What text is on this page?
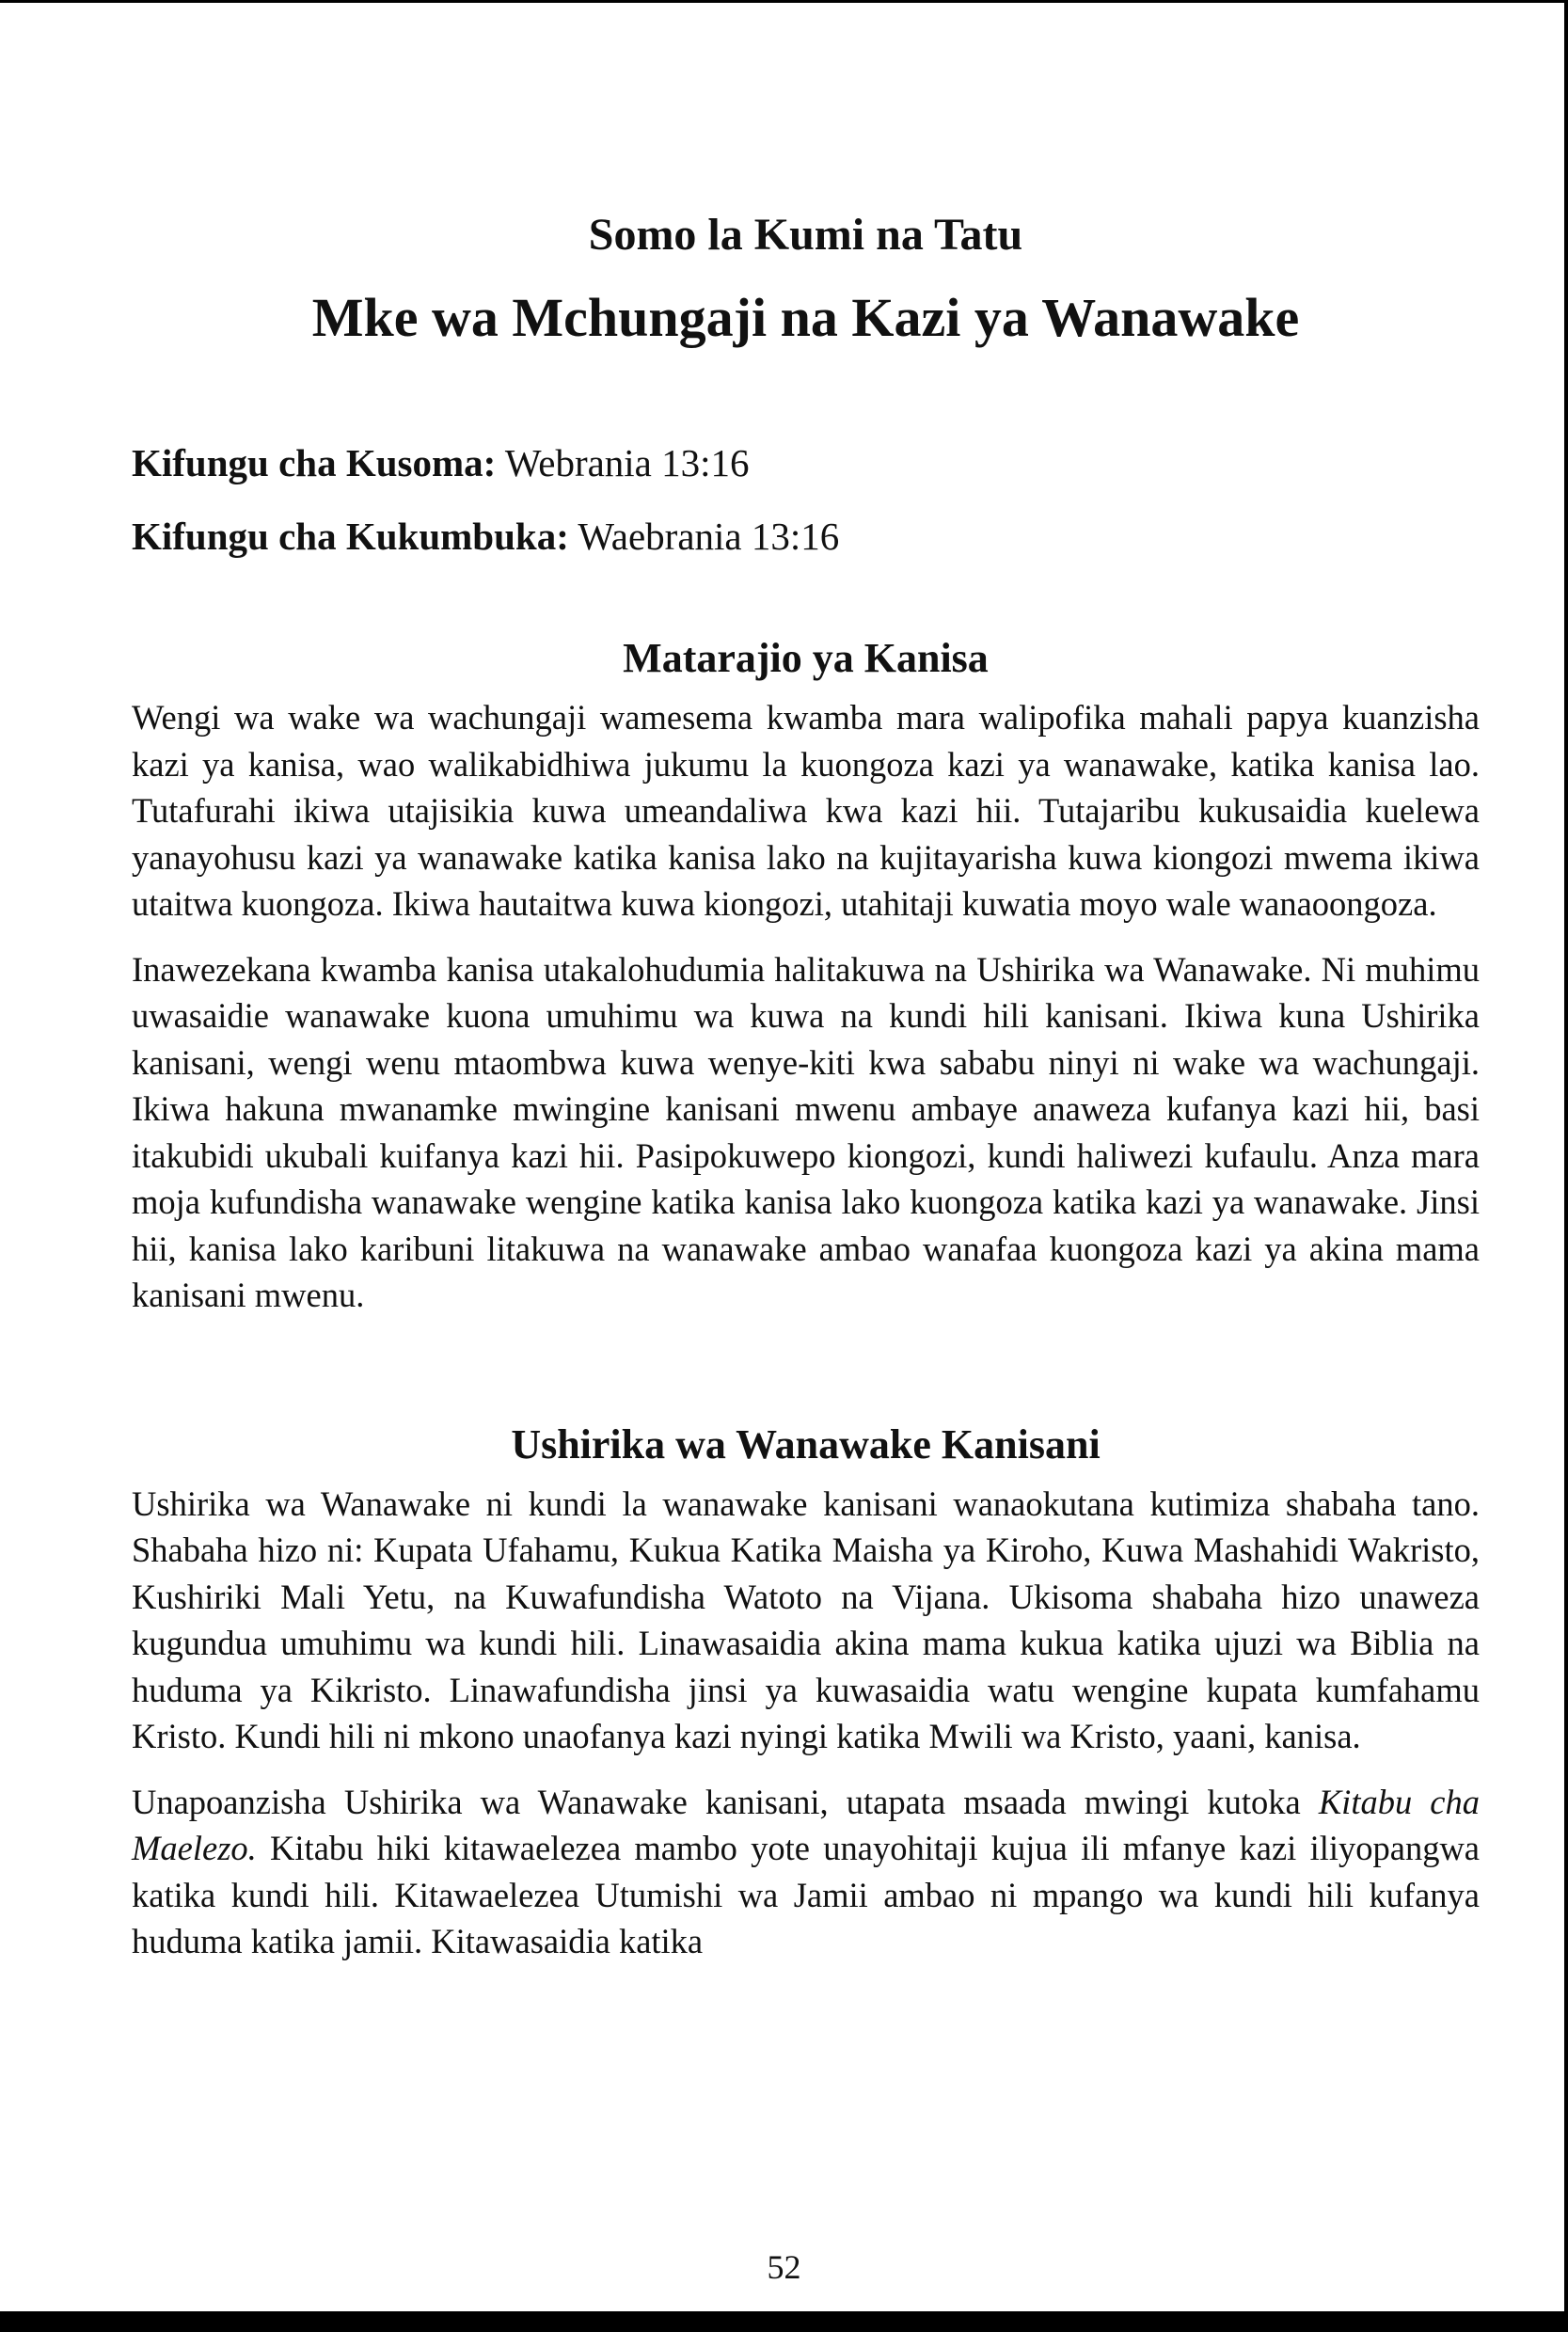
Somo la Kumi na Tatu
Mke wa Mchungaji na Kazi ya Wanawake

Kifungu cha Kusoma: Webrania 13:16

Kifungu cha Kukumbuka: Waebrania 13:16

Matarajio ya Kanisa

Wengi wa wake wa wachungaji wamesema kwamba mara walipofika mahali papya kuanzisha kazi ya kanisa, wao walikabidhiwa jukumu la kuongoza kazi ya wanawake, katika kanisa lao. Tutafurahi ikiwa utajisikia kuwa umeandaliwa kwa kazi hii. Tutajaribu kukusaidia kuelewa yanayohusu kazi ya wanawake katika kanisa lako na kujitayarisha kuwa kiongozi mwema ikiwa utaitwa kuongoza. Ikiwa hautaitwa kuwa kiongozi, utahitaji kuwatia moyo wale wanaoongoza.

Inawezekana kwamba kanisa utakalohudumia halitakuwa na Ushirika wa Wanawake. Ni muhimu uwasaidie wanawake kuona umuhimu wa kuwa na kundi hili kanisani. Ikiwa kuna Ushirika kanisani, wengi wenu mtaombwa kuwa wenye-kiti kwa sababu ninyi ni wake wa wachungaji. Ikiwa hakuna mwanamke mwingine kanisani mwenu ambaye anaweza kufanya kazi hii, basi itakubidi ukubali kuifanya kazi hii. Pasipokuwepo kiongozi, kundi haliwezi kufaulu. Anza mara moja kufundisha wanawake wengine katika kanisa lako kuongoza katika kazi ya wanawake. Jinsi hii, kanisa lako karibuni litakuwa na wanawake ambao wanafaa kuongoza kazi ya akina mama kanisani mwenu.

Ushirika wa Wanawake Kanisani

Ushirika wa Wanawake ni kundi la wanawake kanisani wanaokutana kutimiza shabaha tano. Shabaha hizo ni: Kupata Ufahamu, Kukua Katika Maisha ya Kiroho, Kuwa Mashahidi Wakristo, Kushiriki Mali Yetu, na Kuwafundisha Watoto na Vijana. Ukisoma shabaha hizo unaweza kugundua umuhimu wa kundi hili. Linawasaidia akina mama kukua katika ujuzi wa Biblia na huduma ya Kikristo. Linawafundisha jinsi ya kuwasaidia watu wengine kupata kumfahamu Kristo. Kundi hili ni mkono unaofanya kazi nyingi katika Mwili wa Kristo, yaani, kanisa.

Unapoanzisha Ushirika wa Wanawake kanisani, utapata msaada mwingi kutoka Kitabu cha Maelezo. Kitabu hiki kitawaelezea mambo yote unayohitaji kujua ili mfanye kazi iliyopangwa katika kundi hili. Kitawaelezea Utumishi wa Jamii ambao ni mpango wa kundi hili kufanya huduma katika jamii. Kitawasaidia katika

52
